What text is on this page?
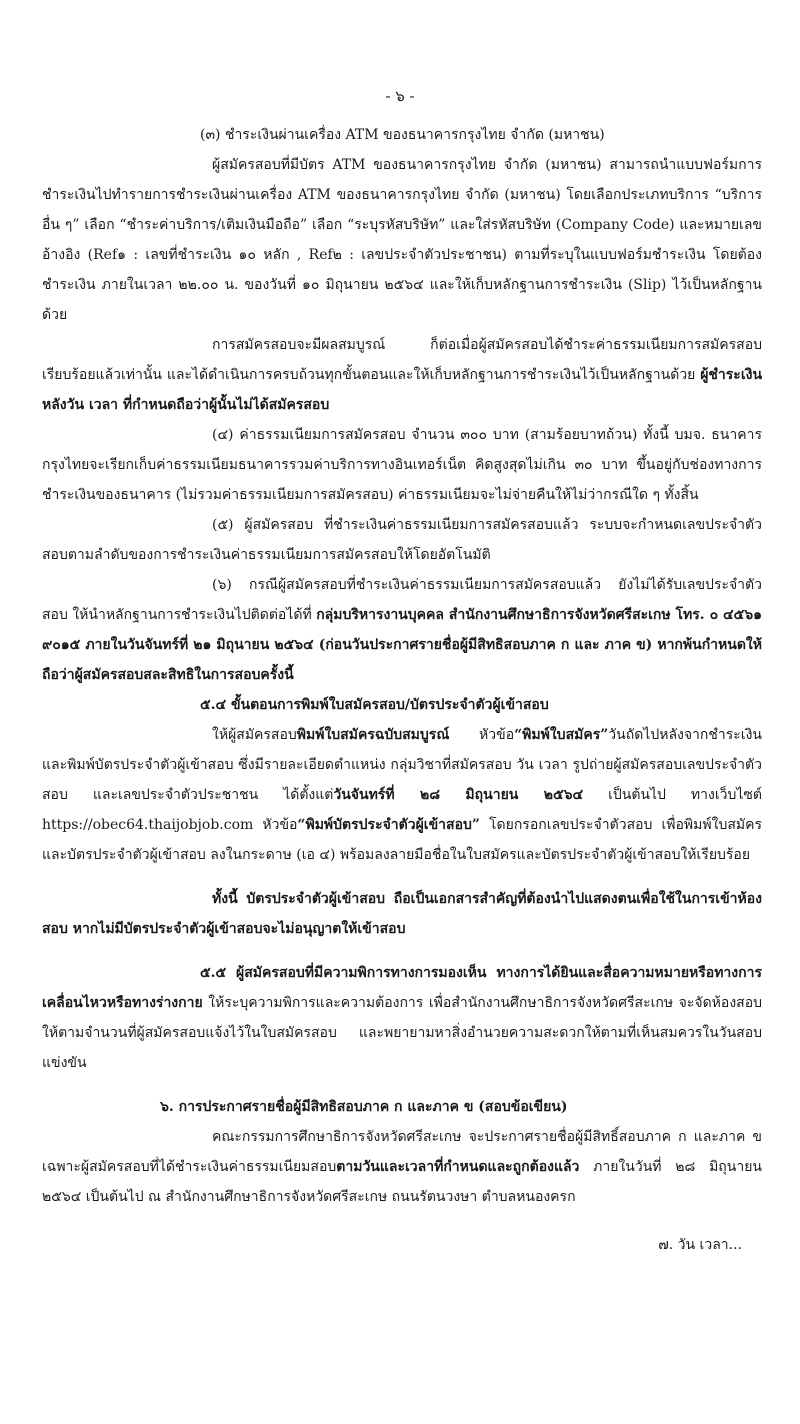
- ๖ -

(๓) ชำระเงินผ่านเครื่อง ATM ของธนาคารกรุงไทย จำกัด (มหาชน)

ผู้สมัครสอบที่มีบัตร ATM ของธนาคารกรุงไทย จำกัด (มหาชน) สามารถนำแบบฟอร์มการชำระเงินไปทำรายการชำระเงินผ่านเครื่อง ATM ของธนาคารกรุงไทย จำกัด (มหาชน) โดยเลือกประเภทบริการ “บริการอื่น ๆ” เลือก “ชำระค่าบริการ/เติมเงินมือถือ” เลือก “ระบุรหัสบริษัท” และใส่รหัสบริษัท (Company Code) และหมายเลขอ้างอิง (Ref๑ : เลขที่ชำระเงิน ๑๐ หลัก , Ref๒ : เลขประจำตัวประชาชน) ตามที่ระบุในแบบฟอร์มชำระเงิน โดยต้องชำระเงิน ภายในเวลา ๒๒.๐๐ น. ของวันที่ ๑๐ มิถุนายน ๒๕๖๔ และให้เก็บหลักฐานการชำระเงิน (Slip) ไว้เป็นหลักฐานด้วย

การสมัครสอบจะมีผลสมบูรณ์ ก็ต่อเมื่อผู้สมัครสอบได้ชำระค่าธรรมเนียมการสมัครสอบเรียบร้อยแล้วเท่านั้น และได้ดำเนินการครบถ้วนทุกขั้นตอนและให้เก็บหลักฐานการชำระเงินไว้เป็นหลักฐานด้วย ผู้ชำระเงินหลังวัน เวลา ที่กำหนดถือว่าผู้นั้นไม่ได้สมัครสอบ

(๔) ค่าธรรมเนียมการสมัครสอบ จำนวน ๓๐๐ บาท (สามร้อยบาทถ้วน) ทั้งนี้ บมจ. ธนาคารกรุงไทยจะเรียกเก็บค่าธรรมเนียมธนาคารรวมค่าบริการทางอินเทอร์เน็ต คิดสูงสุดไม่เกิน ๓๐ บาท ขึ้นอยู่กับช่องทางการชำระเงินของธนาคาร (ไม่รวมค่าธรรมเนียมการสมัครสอบ) ค่าธรรมเนียมจะไม่จ่ายคืนให้ไม่ว่ากรณีใด ๆ ทั้งสิ้น

(๕) ผู้สมัครสอบ ที่ชำระเงินค่าธรรมเนียมการสมัครสอบแล้ว ระบบจะกำหนดเลขประจำตัวสอบตามลำดับของการชำระเงินค่าธรรมเนียมการสมัครสอบให้โดยอัตโนมัติ

(๖) กรณีผู้สมัครสอบที่ชำระเงินค่าธรรมเนียมการสมัครสอบแล้ว ยังไม่ได้รับเลขประจำตัวสอบ ให้นำหลักฐานการชำระเงินไปติดต่อได้ที่ กลุ่มบริหารงานบุคคล สำนักงานศึกษาธิการจังหวัดศรีสะเกษ โทร. ๐ ๔๕๖๑ ๙๐๑๕ ภายในวันจันทร์ที่ ๒๑ มิถุนายน ๒๕๖๔ (ก่อนวันประกาศรายชื่อผู้มีสิทธิสอบภาค ก และ ภาค ข) หากพ้นกำหนดให้ถือว่าผู้สมัครสอบสละสิทธิในการสอบครั้งนี้

๕.๔ ขั้นตอนการพิมพ์ใบสมัครสอบ/บัตรประจำตัวผู้เข้าสอบ

ให้ผู้สมัครสอบพิมพ์ใบสมัครฉบับสมบูรณ์ หัวข้อ“พิมพ์ใบสมัคร”วันถัดไปหลังจากชำระเงิน และพิมพ์บัตรประจำตัวผู้เข้าสอบ ซึ่งมีรายละเอียดตำแหน่ง กลุ่มวิชาที่สมัครสอบ วัน เวลา รูปถ่ายผู้สมัครสอบเลขประจำตัวสอบ และเลขประจำตัวประชาชน ได้ตั้งแต่วันจันทร์ที่ ๒๘ มิถุนายน ๒๕๖๔ เป็นต้นไป ทางเว็บไซต์ https://obec64.thaijobjob.com หัวข้อ“พิมพ์บัตรประจำตัวผู้เข้าสอบ” โดยกรอกเลขประจำตัวสอบ เพื่อพิมพ์ใบสมัครและบัตรประจำตัวผู้เข้าสอบ ลงในกระดาษ (เอ ๔) พร้อมลงลายมือชื่อในใบสมัครและบัตรประจำตัวผู้เข้าสอบให้เรียบร้อย

ทั้งนี้ บัตรประจำตัวผู้เข้าสอบ ถือเป็นเอกสารสำคัญที่ต้องนำไปแสดงตนเพื่อใช้ในการเข้าห้องสอบ หากไม่มีบัตรประจำตัวผู้เข้าสอบจะไม่อนุญาตให้เข้าสอบ

๕.๕ ผู้สมัครสอบที่มีความพิการทางการมองเห็น ทางการได้ยินและสื่อความหมายหรือทางการเคลื่อนไหวหรือทางร่างกาย ให้ระบุความพิการและความต้องการ เพื่อสำนักงานศึกษาธิการจังหวัดศรีสะเกษ จะจัดห้องสอบให้ตามจำนวนที่ผู้สมัครสอบแจ้งไว้ในใบสมัครสอบ และพยายามหาสิ่งอำนวยความสะดวกให้ตามที่เห็นสมควรในวันสอบแข่งขัน

๖. การประกาศรายชื่อผู้มีสิทธิสอบภาค ก และภาค ข (สอบข้อเขียน)

คณะกรรมการศึกษาธิการจังหวัดศรีสะเกษ จะประกาศรายชื่อผู้มีสิทธิ์สอบภาค ก และภาค ข เฉพาะผู้สมัครสอบที่ได้ชำระเงินค่าธรรมเนียมสอบตามวันและเวลาที่กำหนดและถูกต้องแล้ว ภายในวันที่ ๒๘ มิถุนายน ๒๕๖๔ เป็นต้นไป ณ สำนักงานศึกษาธิการจังหวัดศรีสะเกษ ถนนรัตนวงษา ตำบลหนองครก

๗. วัน เวลา...
